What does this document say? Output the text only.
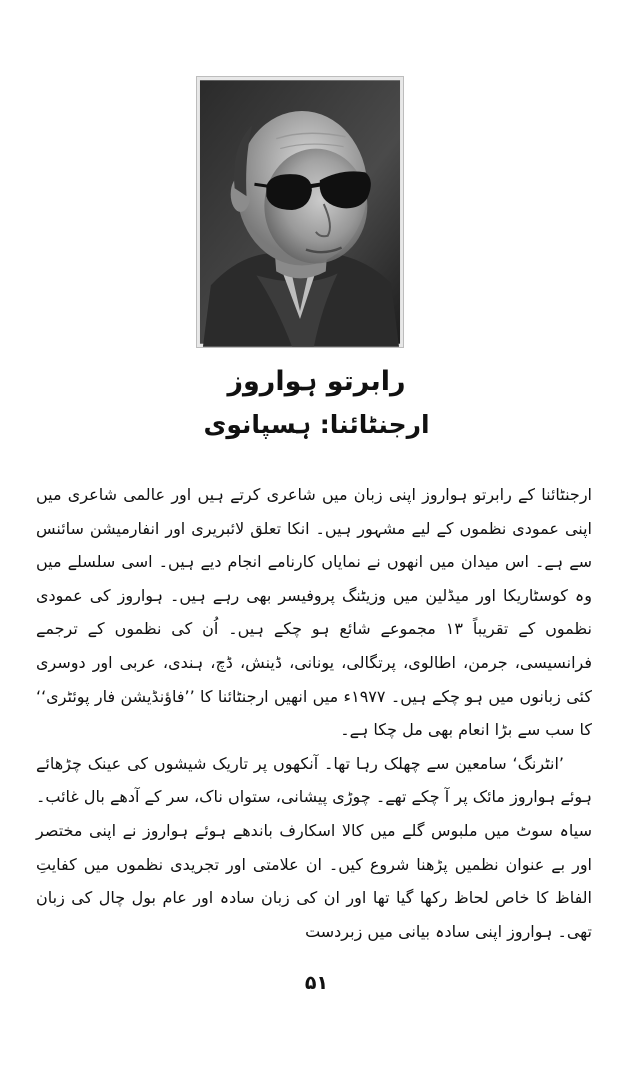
رابرتو ہواروز
ارجنٹائنا: ہسپانوی

ارجنٹائنا کے رابرتو ہواروز اپنی زبان میں شاعری کرتے ہیں اور عالمی شاعری میں اپنی عمودی نظموں کے لیے مشہور ہیں۔ انکا تعلق لائبریری اور انفارمیشن سائنس سے ہے۔ اس میدان میں انھوں نے نمایاں کارنامے انجام دیے ہیں۔ اسی سلسلے میں وہ کوسٹاریکا اور میڈلین میں وزیٹنگ پروفیسر بھی رہے ہیں۔ ہواروز کی عمودی نظموں کے تقریباً ۱۳ مجموعے شائع ہو چکے ہیں۔ اُن کی نظموں کے ترجمے فرانسیسی، جرمن، اطالوی، پرتگالی، یونانی، ڈینش، ڈچ، ہندی، عربی اور دوسری کئی زبانوں میں ہو چکے ہیں۔ ۱۹۷۷ء میں انھیں ارجنٹائنا کا ’’فاؤنڈیشن فار پوئٹری‘‘ کا سب سے بڑا انعام بھی مل چکا ہے۔

’انٹرنگ‘ سامعین سے چھلک رہا تھا۔ آنکھوں پر تاریک شیشوں کی عینک چڑھائے ہوئے ہواروز مائک پر آ چکے تھے۔ چوڑی پیشانی، ستواں ناک، سر کے آدھے بال غائب۔ سیاہ سوٹ میں ملبوس گلے میں کالا اسکارف باندھے ہوئے ہواروز نے اپنی مختصر اور بے عنوان نظمیں پڑھنا شروع کیں۔ ان علامتی اور تجریدی نظموں میں کفایتِ الفاظ کا خاص لحاظ رکھا گیا تھا اور ان کی زبان سادہ اور عام بول چال کی زبان تھی۔ ہواروز اپنی سادہ بیانی میں زبردست

۵۱
